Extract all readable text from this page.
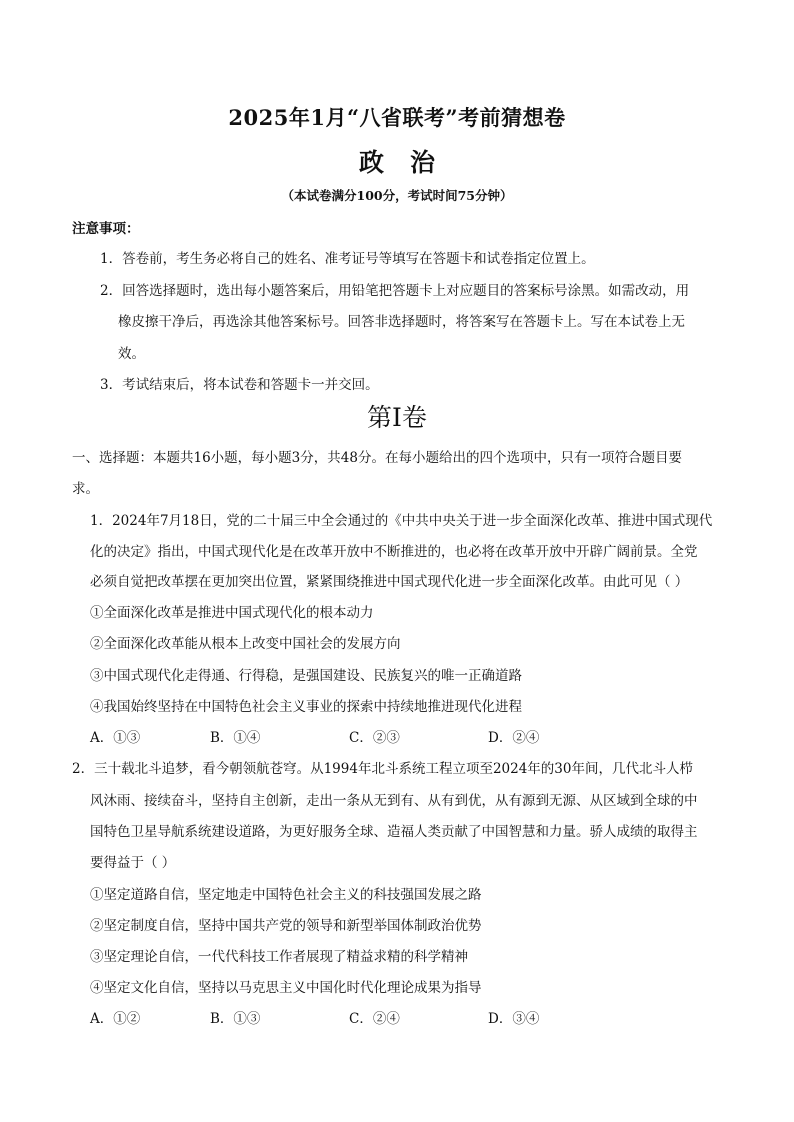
2025年1月“八省联考”考前猜想卷
政治
（本试卷满分100分，考试时间75分钟）
注意事项：
1．答卷前，考生务必将自己的姓名、准考证号等填写在答题卡和试卷指定位置上。
2．回答选择题时，选出每小题答案后，用铅笔把答题卡上对应题目的答案标号涂黑。如需改动，用
橡皮擦干净后，再选涂其他答案标号。回答非选择题时，将答案写在答题卡上。写在本试卷上无
效。
3．考试结束后，将本试卷和答题卡一并交回。
第I卷
一、选择题：本题共16小题，每小题3分，共48分。在每小题给出的四个选项中，只有一项符合题目要
求。
1．2024年7月18日，党的二十届三中全会通过的《中共中央关于进一步全面深化改革、推进中国式现代
化的决定》指出，中国式现代化是在改革开放中不断推进的，也必将在改革开放中开辟广阔前景。全党
必须自觉把改革摆在更加突出位置，紧紧围绕推进中国式现代化进一步全面深化改革。由此可见（ ）
①全面深化改革是推进中国式现代化的根本动力
②全面深化改革能从根本上改变中国社会的发展方向
③中国式现代化走得通、行得稳，是强国建设、民族复兴的唯一正确道路
④我国始终坚持在中国特色社会主义事业的探索中持续地推进现代化进程
A．①③	B．①④	C．②③	D．②④
2．三十载北斗追梦，看今朝领航苍穹。从1994年北斗系统工程立项至2024年的30年间，几代北斗人栉
风沐雨、接续奋斗，坚持自主创新，走出一条从无到有、从有到优，从有源到无源、从区域到全球的中
国特色卫星导航系统建设道路，为更好服务全球、造福人类贡献了中国智慧和力量。骄人成绩的取得主
要得益于（ ）
①坚定道路自信，坚定地走中国特色社会主义的科技强国发展之路
②坚定制度自信，坚持中国共产党的领导和新型举国体制政治优势
③坚定理论自信，一代代科技工作者展现了精益求精的科学精神
④坚定文化自信，坚持以马克思主义中国化时代化理论成果为指导
A．①②	B．①③	C．②④	D．③④
